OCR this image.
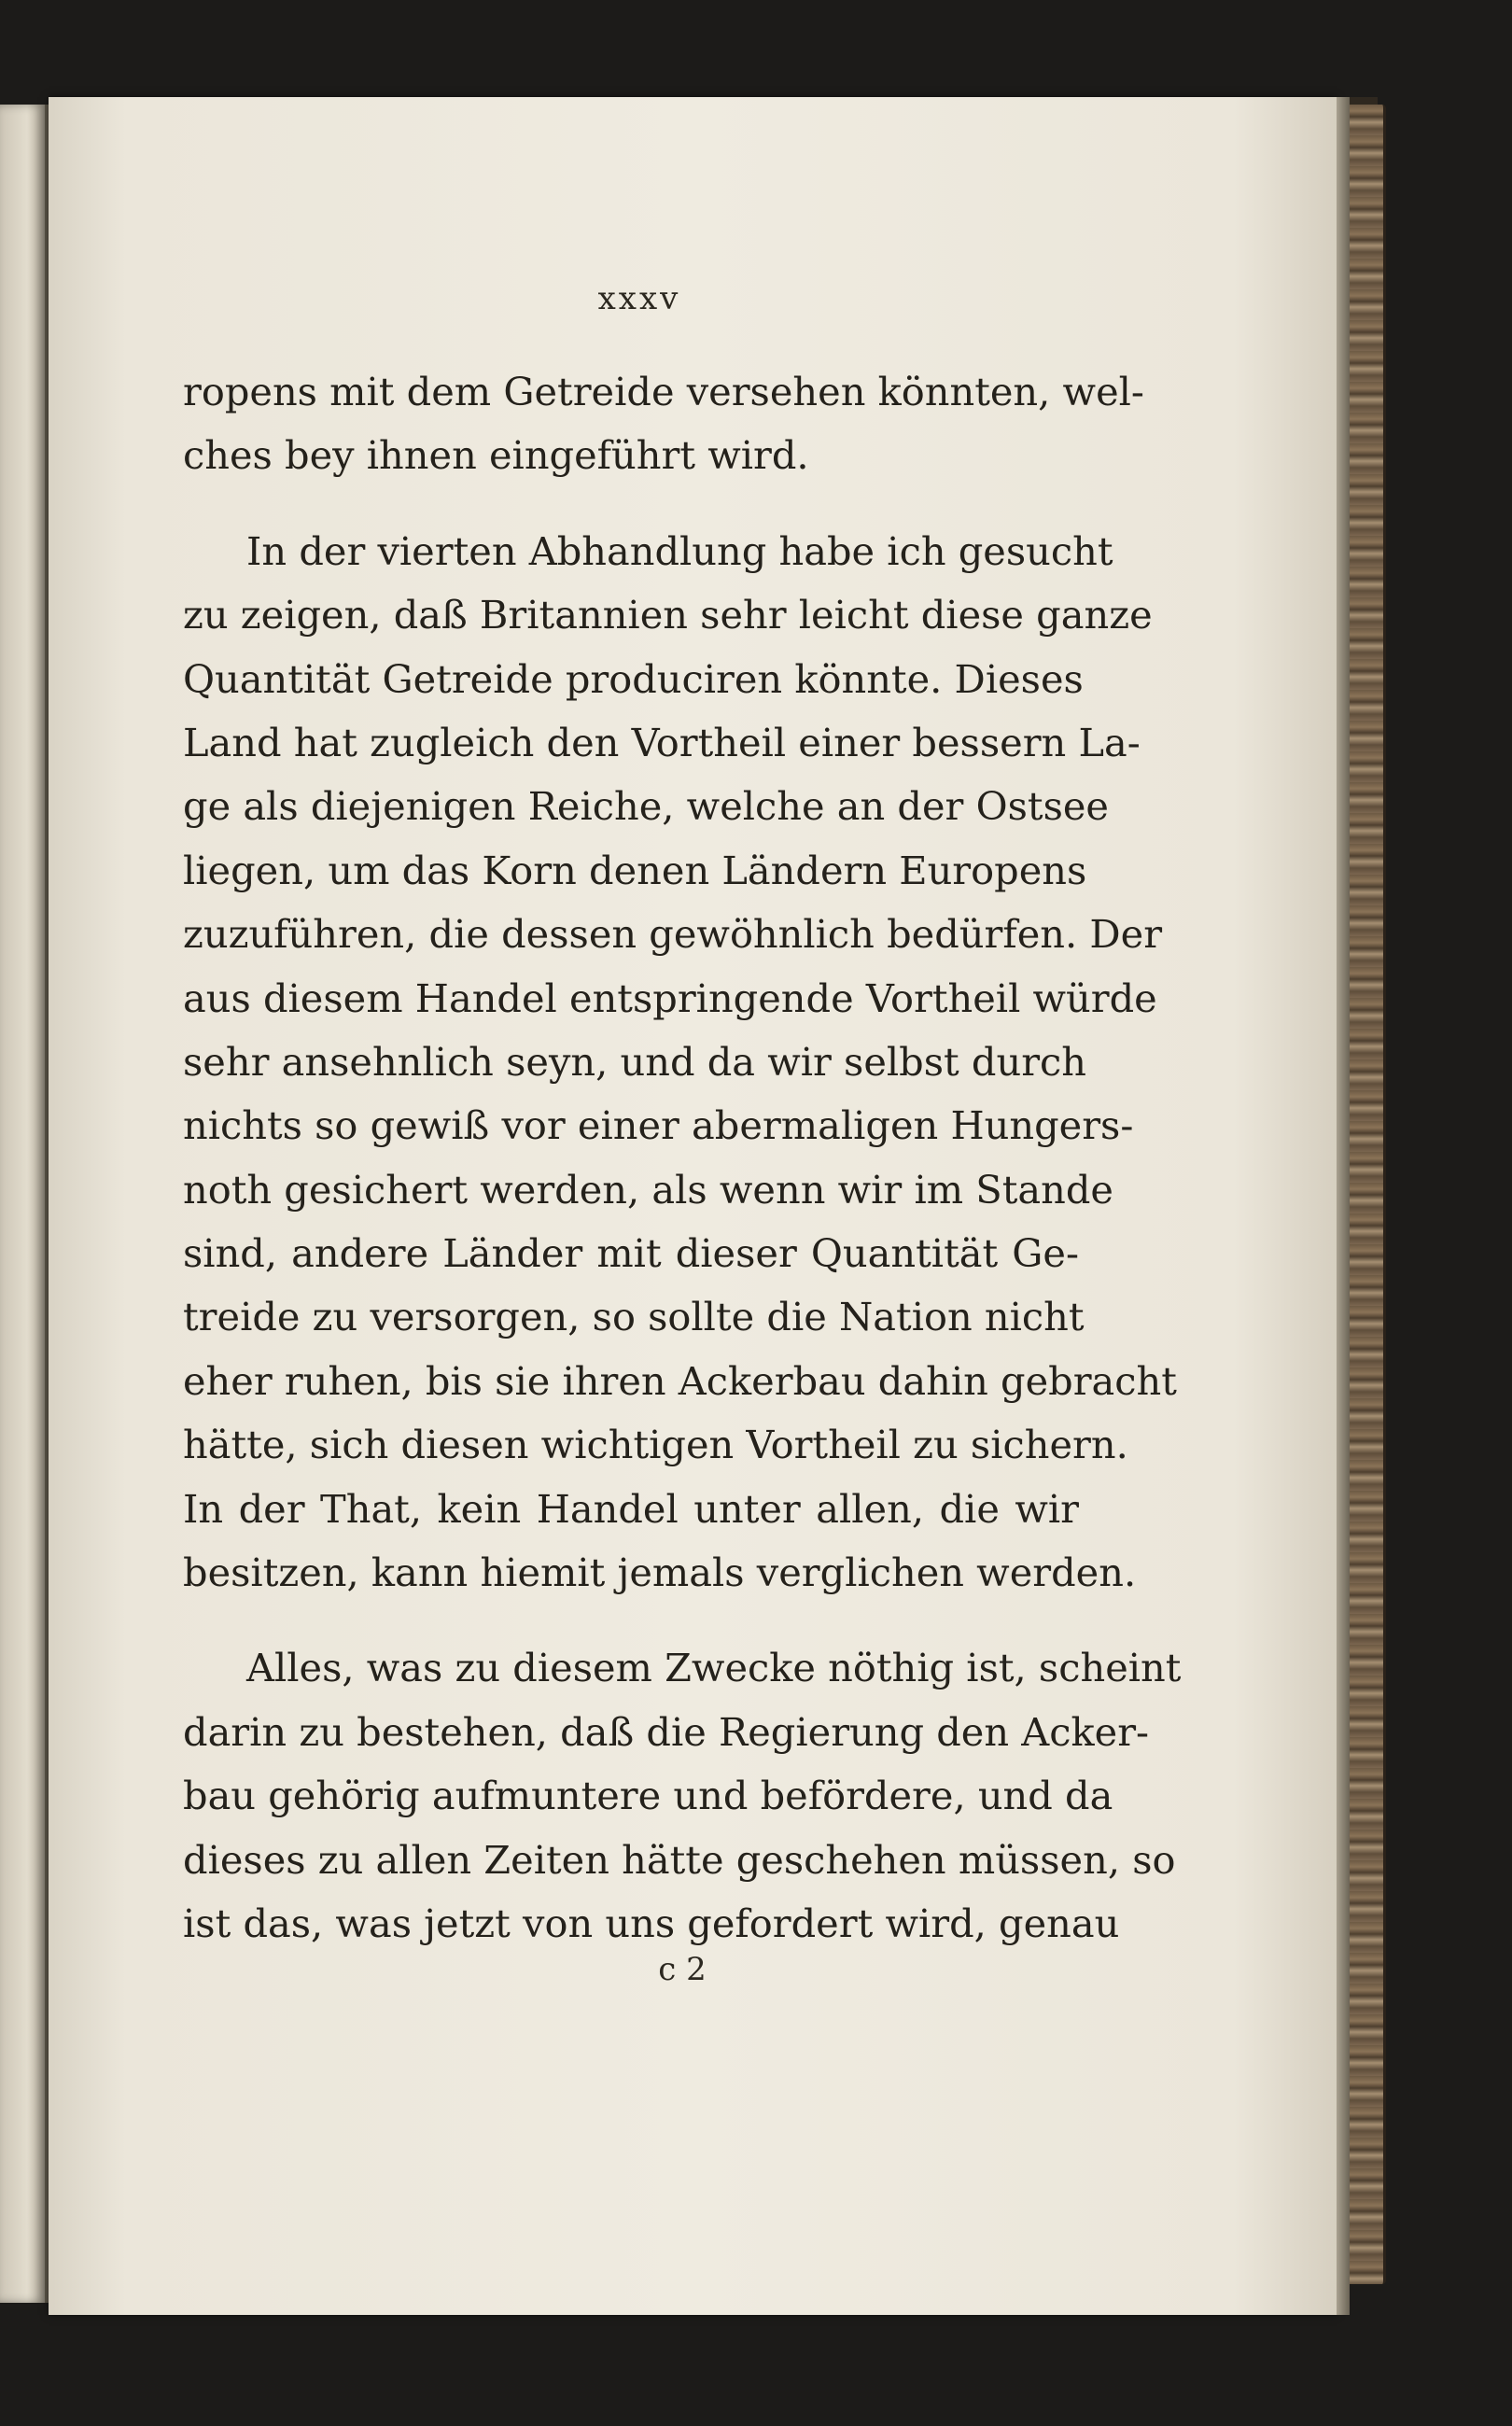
xxxv
ropens mit dem Getreide versehen könnten, wel-
ches bey ihnen eingeführt wird.
In der vierten Abhandlung habe ich gesucht
zu zeigen, daß Britannien sehr leicht diese ganze
Quantität Getreide produciren könnte. Dieses
Land hat zugleich den Vortheil einer bessern La-
ge als diejenigen Reiche, welche an der Ostsee
liegen, um das Korn denen Ländern Europens
zuzuführen, die dessen gewöhnlich bedürfen. Der
aus diesem Handel entspringende Vortheil würde
sehr ansehnlich seyn, und da wir selbst durch
nichts so gewiß vor einer abermaligen Hungers-
noth gesichert werden, als wenn wir im Stande
sind, andere Länder mit dieser Quantität Ge-
treide zu versorgen, so sollte die Nation nicht
eher ruhen, bis sie ihren Ackerbau dahin gebracht
hätte, sich diesen wichtigen Vortheil zu sichern.
In der That, kein Handel unter allen, die wir
besitzen, kann hiemit jemals verglichen werden.
Alles, was zu diesem Zwecke nöthig ist, scheint
darin zu bestehen, daß die Regierung den Acker-
bau gehörig aufmuntere und befördere, und da
dieses zu allen Zeiten hätte geschehen müssen, so
ist das, was jetzt von uns gefordert wird, genau
c 2
